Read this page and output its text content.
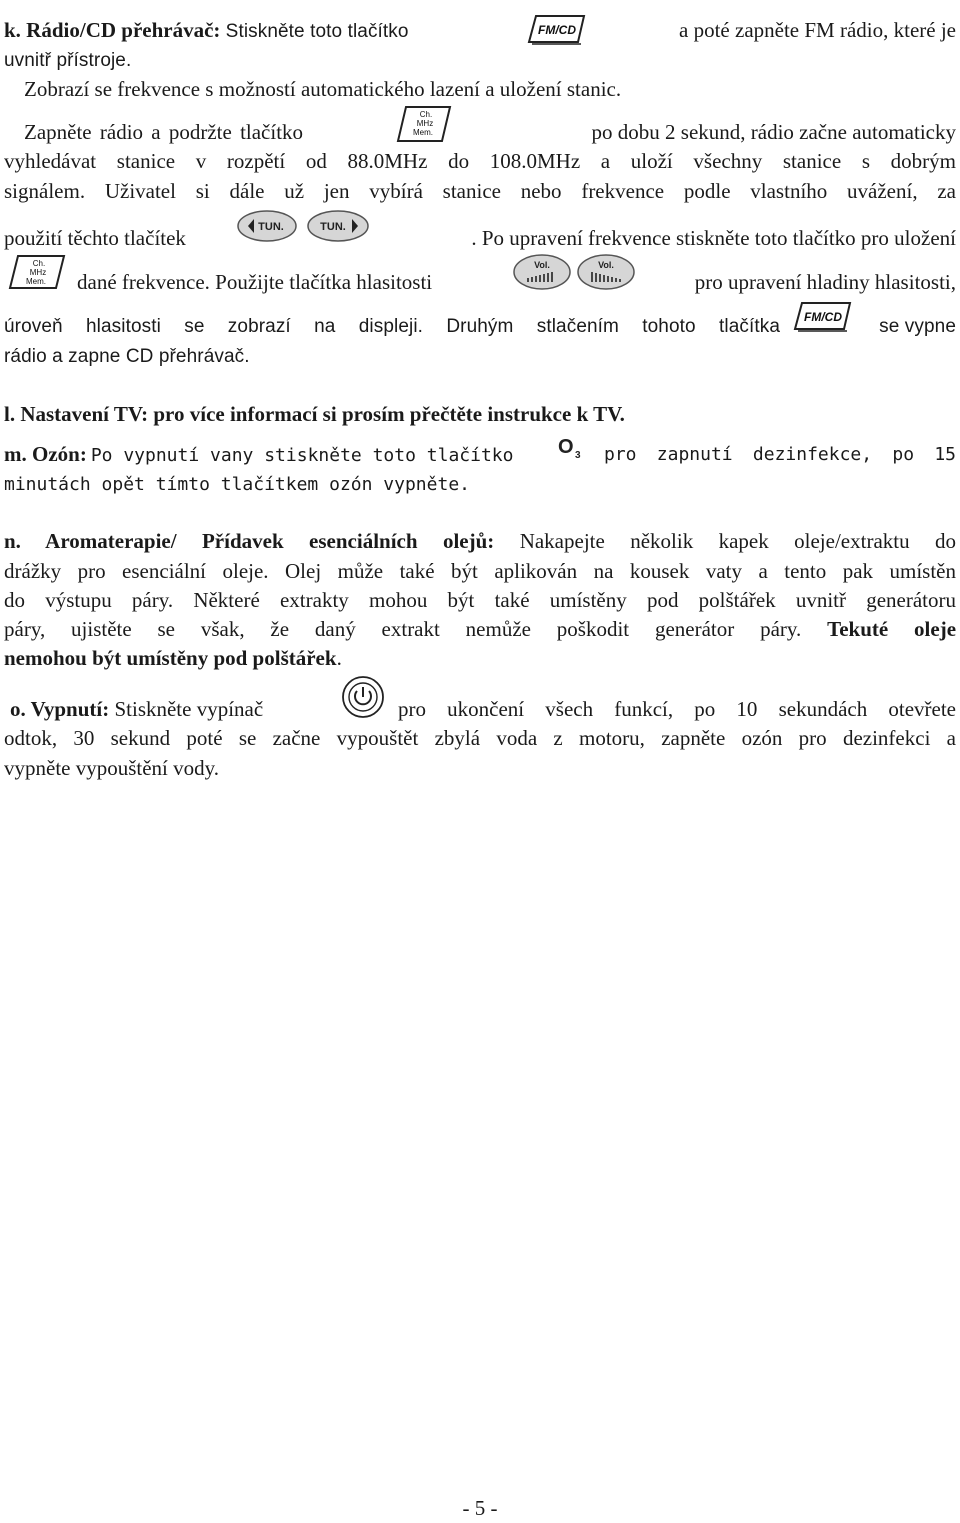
k. Rádio/CD přehrávač: Stiskněte toto tlačítko	FM/CD	a poté zapněte FM rádio, které je
uvnitř přístroje.
Zobrazí se frekvence s možností automatického lazení a uložení stanic.
Zapněte rádio a podržte tlačítko
Ch.
MHz
Mem.	po dobu 2 sekund, rádio začne automaticky
vyhledávat stanice v rozpětí od 88.0MHz do 108.0MHz a uloží všechny stanice s dobrým
signálem. Uživatel si dále už jen vybírá stanice nebo frekvence podle vlastního uvážení, za
použití těchto tlačítek	TUN.	TUN.	. Po upravení frekvence stiskněte toto tlačítko pro uložení
Ch.
MHz
Mem. dané frekvence. Použijte tlačítka hlasitosti
Vol.	Vol.
pro upravení hladiny hlasitosti,
úroveň hlasitosti se zobrazí na displeji. Druhým stlačením tohoto tlačítka FM/CD	se vypne
rádio a zapne CD přehrávač.
l. Nastavení TV: pro více informací si prosím přečtěte instrukce k TV.
m. Ozón: Po vypnutí vany stiskněte toto tlačítko O 3 pro zapnutí dezinfekce, po 15
minutách opět tímto tlačítkem ozón vypněte.
n. Aromaterapie/ Přídavek esenciálních olejů: Nakapejte několik kapek oleje/extraktu do
drážky pro esenciální oleje. Olej může také být aplikován na kousek vaty a tento pak umístěn
do výstupu páry. Některé extrakty mohou být také umístěny pod polštářek uvnitř generátoru
páry, ujistěte se však, že daný extrakt nemůže poškodit generátor páry. Tekuté oleje
nemohou být umístěny pod polštářek.
o. Vypnutí: Stiskněte vypínač	pro ukončení všech funkcí, po 10 sekundách otevřete
odtok, 30 sekund poté se začne vypouštět zbylá voda z motoru, zapněte ozón pro dezinfekci a
vypněte vypouštění vody.
- 5 -
